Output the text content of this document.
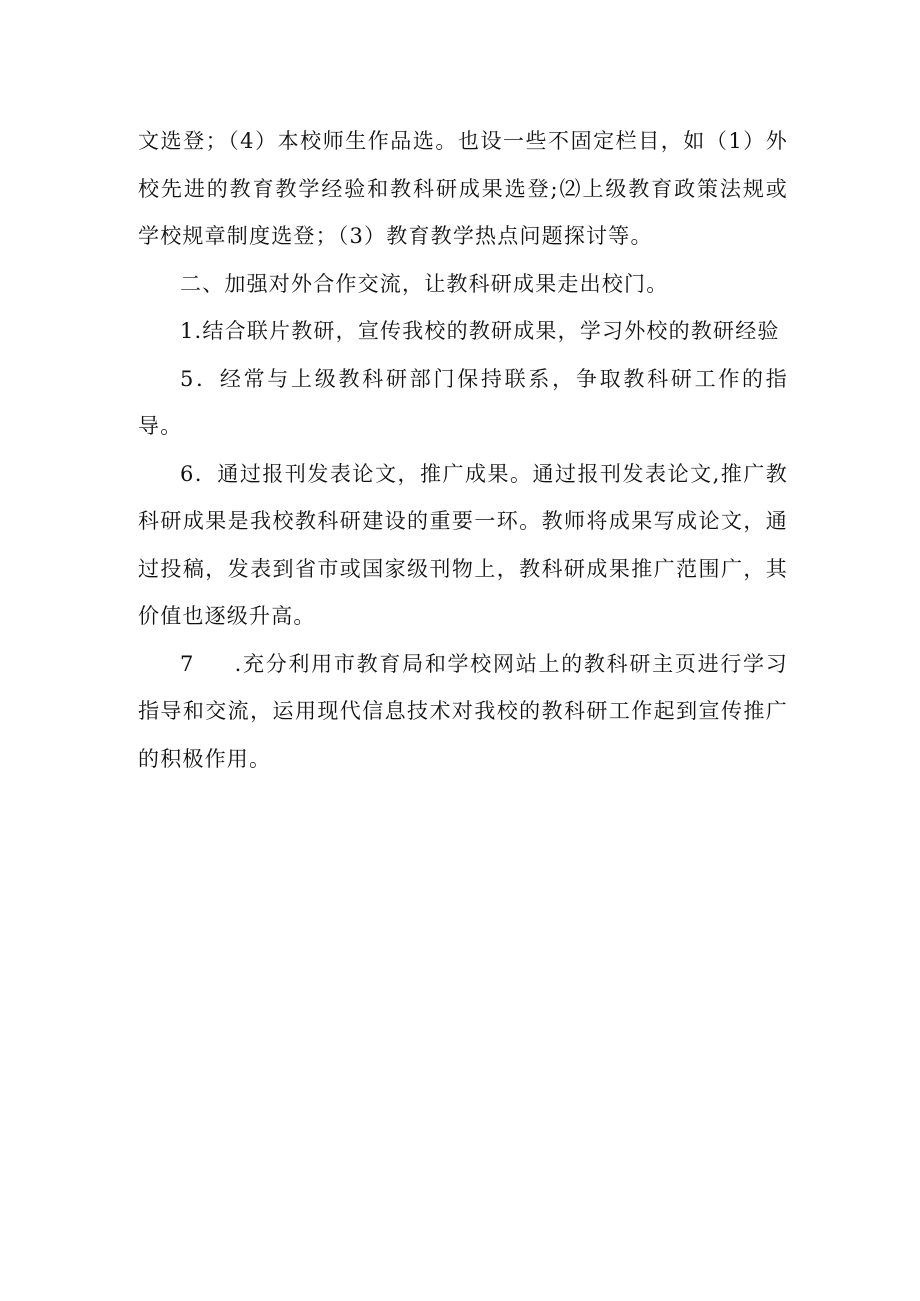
文选登；（4）本校师生作品选。也设一些不固定栏目，如（1）外校先进的教育教学经验和教科研成果选登;⑵上级教育政策法规或学校规章制度选登；（3）教育教学热点问题探讨等。

二、加强对外合作交流，让教科研成果走出校门。

1.结合联片教研，宣传我校的教研成果，学习外校的教研经验

5．经常与上级教科研部门保持联系，争取教科研工作的指导。

6．通过报刊发表论文，推广成果。通过报刊发表论文,推广教科研成果是我校教科研建设的重要一环。教师将成果写成论文，通过投稿，发表到省市或国家级刊物上，教科研成果推广范围广，其价值也逐级升高。

7 .充分利用市教育局和学校网站上的教科研主页进行学习指导和交流，运用现代信息技术对我校的教科研工作起到宣传推广的积极作用。
